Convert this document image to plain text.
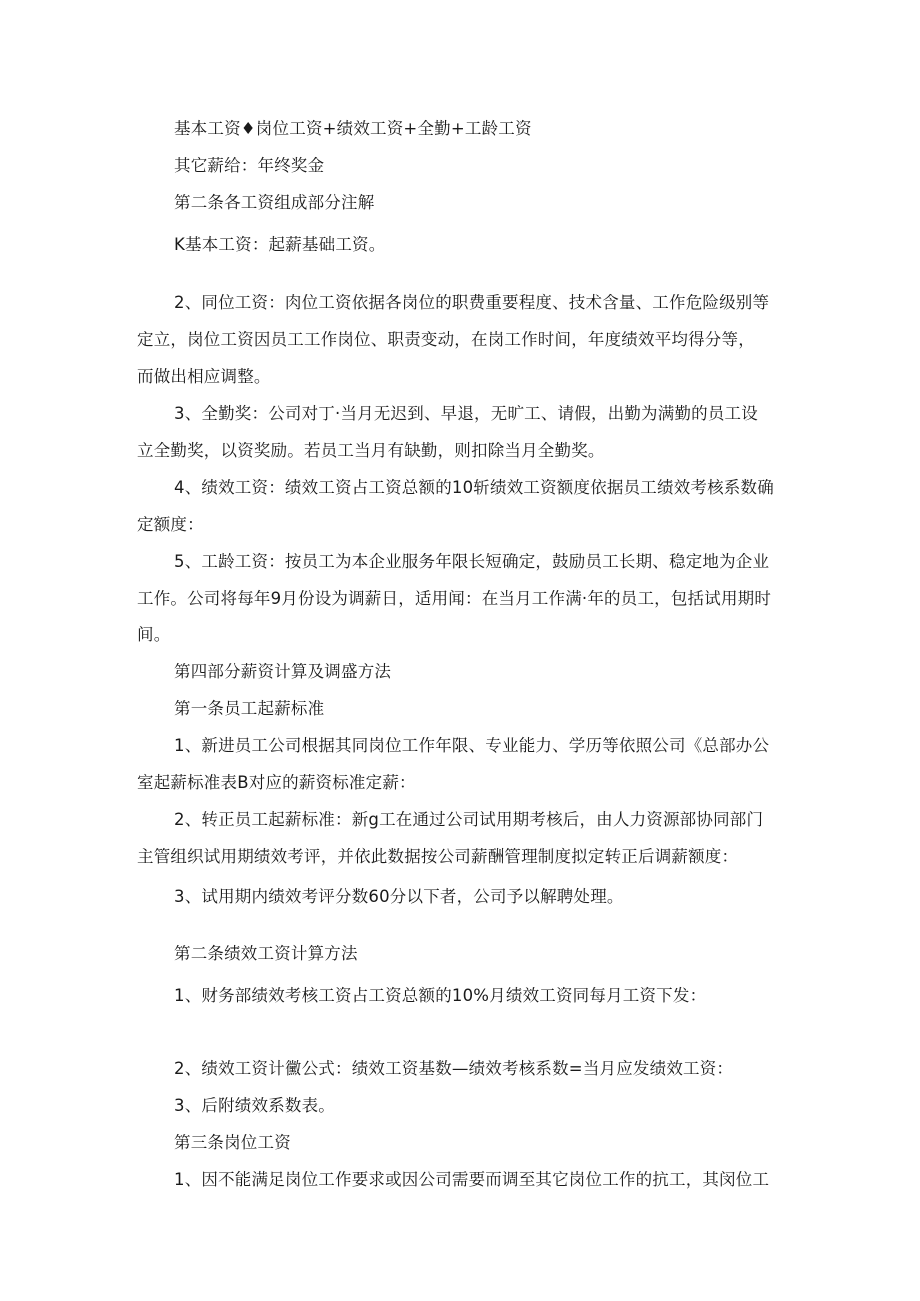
基本工资♦岗位工资+绩效工资+全勤+工龄工资
其它薪给：年终奖金
第二条各工资组成部分注解
K基本工资：起薪基础工资。
2、同位工资：肉位工资依据各岗位的职费重要程度、技术含量、工作危险级别等
定立，岗位工资因员工工作岗位、职责变动，在岗工作时间，年度绩效平均得分等，
而做出相应调整。
3、全勤奖：公司对丁·当月无迟到、早退，无旷工、请假，出勤为满勤的员工设
立全勤奖，以资奖励。若员工当月有缺勤，则扣除当月全勤奖。
4、绩效工资：绩效工资占工资总额的10斩绩效工资额度依据员工绩效考核系数确
定额度：
5、工龄工资：按员工为本企业服务年限长短确定，鼓励员工长期、稳定地为企业
工作。公司将每年9月份设为调薪日，适用闻：在当月工作满·年的员工，包括试用期时
间。
第四部分薪资计算及调盛方法
第一条员工起薪标准
1、新进员工公司根据其同岗位工作年限、专业能力、学历等依照公司《总部办公
室起薪标准表B对应的薪资标准定薪：
2、转正员工起薪标准：新g工在通过公司试用期考核后，由人力资源部协同部门
主管组织试用期绩效考评，并依此数据按公司薪酬管理制度拟定转正后调薪额度：
3、试用期内绩效考评分数60分以下者，公司予以解聘处理。
第二条绩效工资计算方法
1、财务部绩效考核工资占工资总额的10%月绩效工资同每月工资下发：
2、绩效工资计黴公式：绩效工资基数—绩效考核系数=当月应发绩效工资：
3、后附绩效系数表。
第三条岗位工资
1、因不能满足岗位工作要求或因公司需要而调至其它岗位工作的抗工，其闵位工
